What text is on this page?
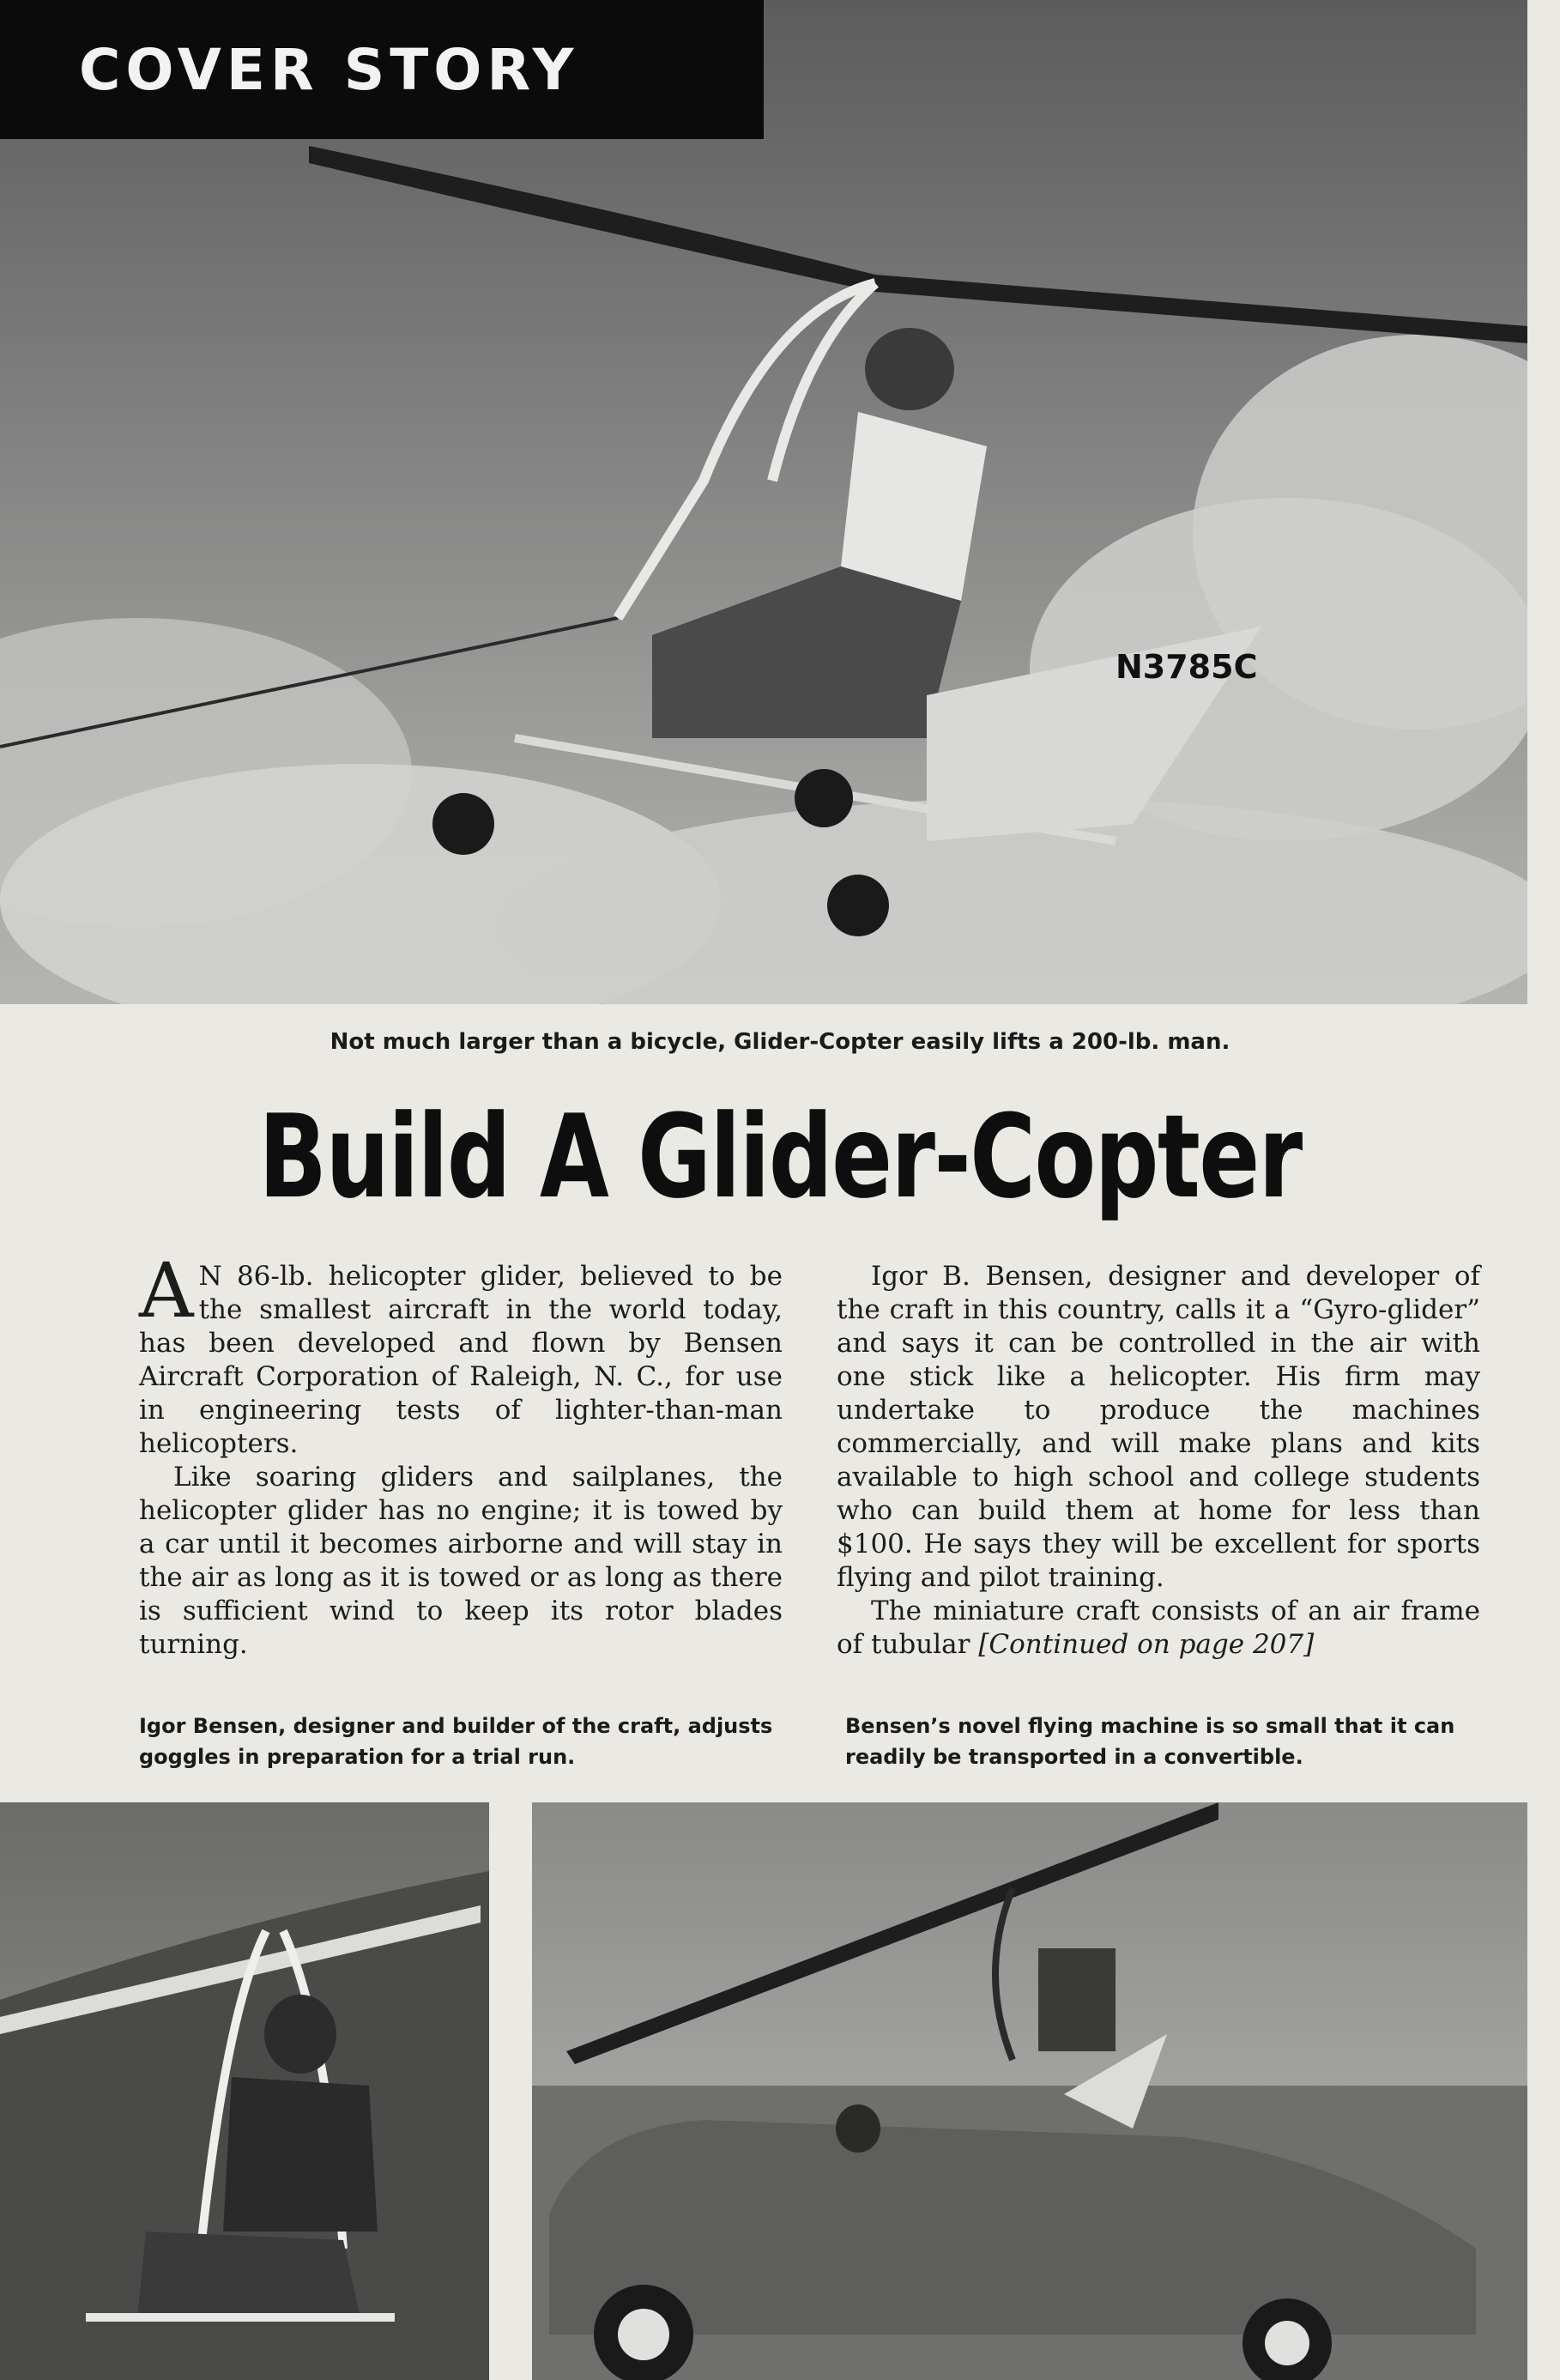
N3785C
COVER STORY
Not much larger than a bicycle, Glider-Copter easily lifts a 200-lb. man.
Build A Glider-Copter

A N 86-lb. helicopter glider, believed to be the smallest aircraft in the world today, has been developed and flown by Bensen Aircraft Corporation of Raleigh, N. C., for use in engineering tests of lighter-than-man helicopters.

Like soaring gliders and sailplanes, the helicopter glider has no engine; it is towed by a car until it becomes airborne and will stay in the air as long as it is towed or as long as there is sufficient wind to keep its rotor blades turning.

Igor B. Bensen, designer and developer of the craft in this country, calls it a “Gyro-glider” and says it can be controlled in the air with one stick like a helicopter. His firm may undertake to produce the machines commercially, and will make plans and kits available to high school and college students who can build them at home for less than $100. He says they will be excellent for sports flying and pilot training.

The miniature craft consists of an air frame of tubular [Continued on page 207]

Igor Bensen, designer and builder of the craft, adjusts goggles in preparation for a trial run.
Bensen’s novel flying machine is so small that it can readily be transported in a convertible.
